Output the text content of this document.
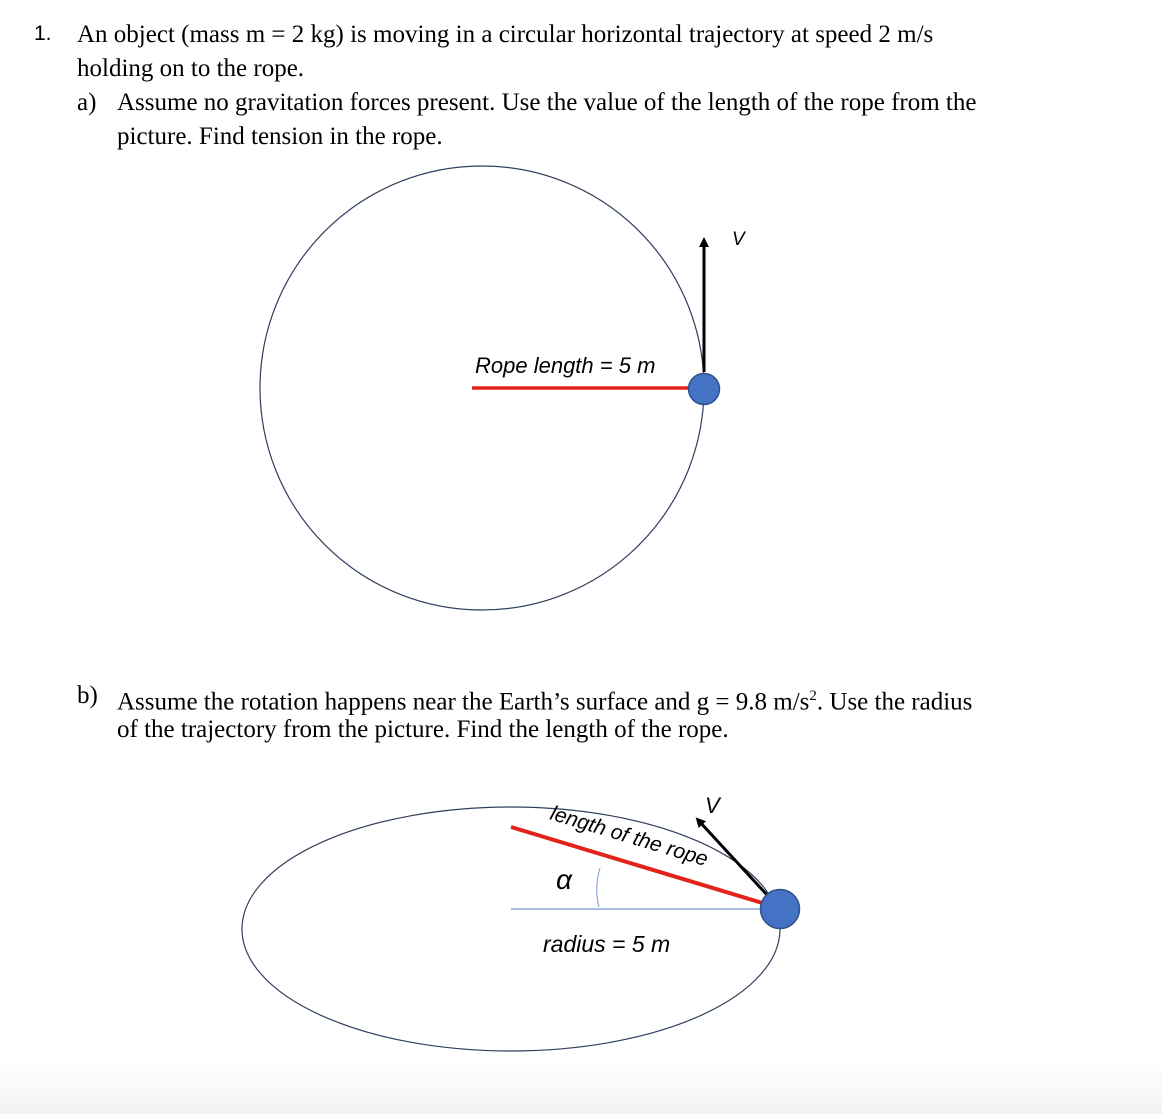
1. An object (mass m = 2 kg) is moving in a circular horizontal trajectory at speed 2 m/s
holding on to the rope.
a) Assume no gravitation forces present. Use the value of the length of the rope from the
picture. Find tension in the rope.
b) Assume the rotation happens near the Earth’s surface and g = 9.8 $m/s^2$. Use the radius
of the trajectory from the picture. Find the length of the rope.
V
Rope length = 5 m
V
length of the rope
α
radius = 5 m
